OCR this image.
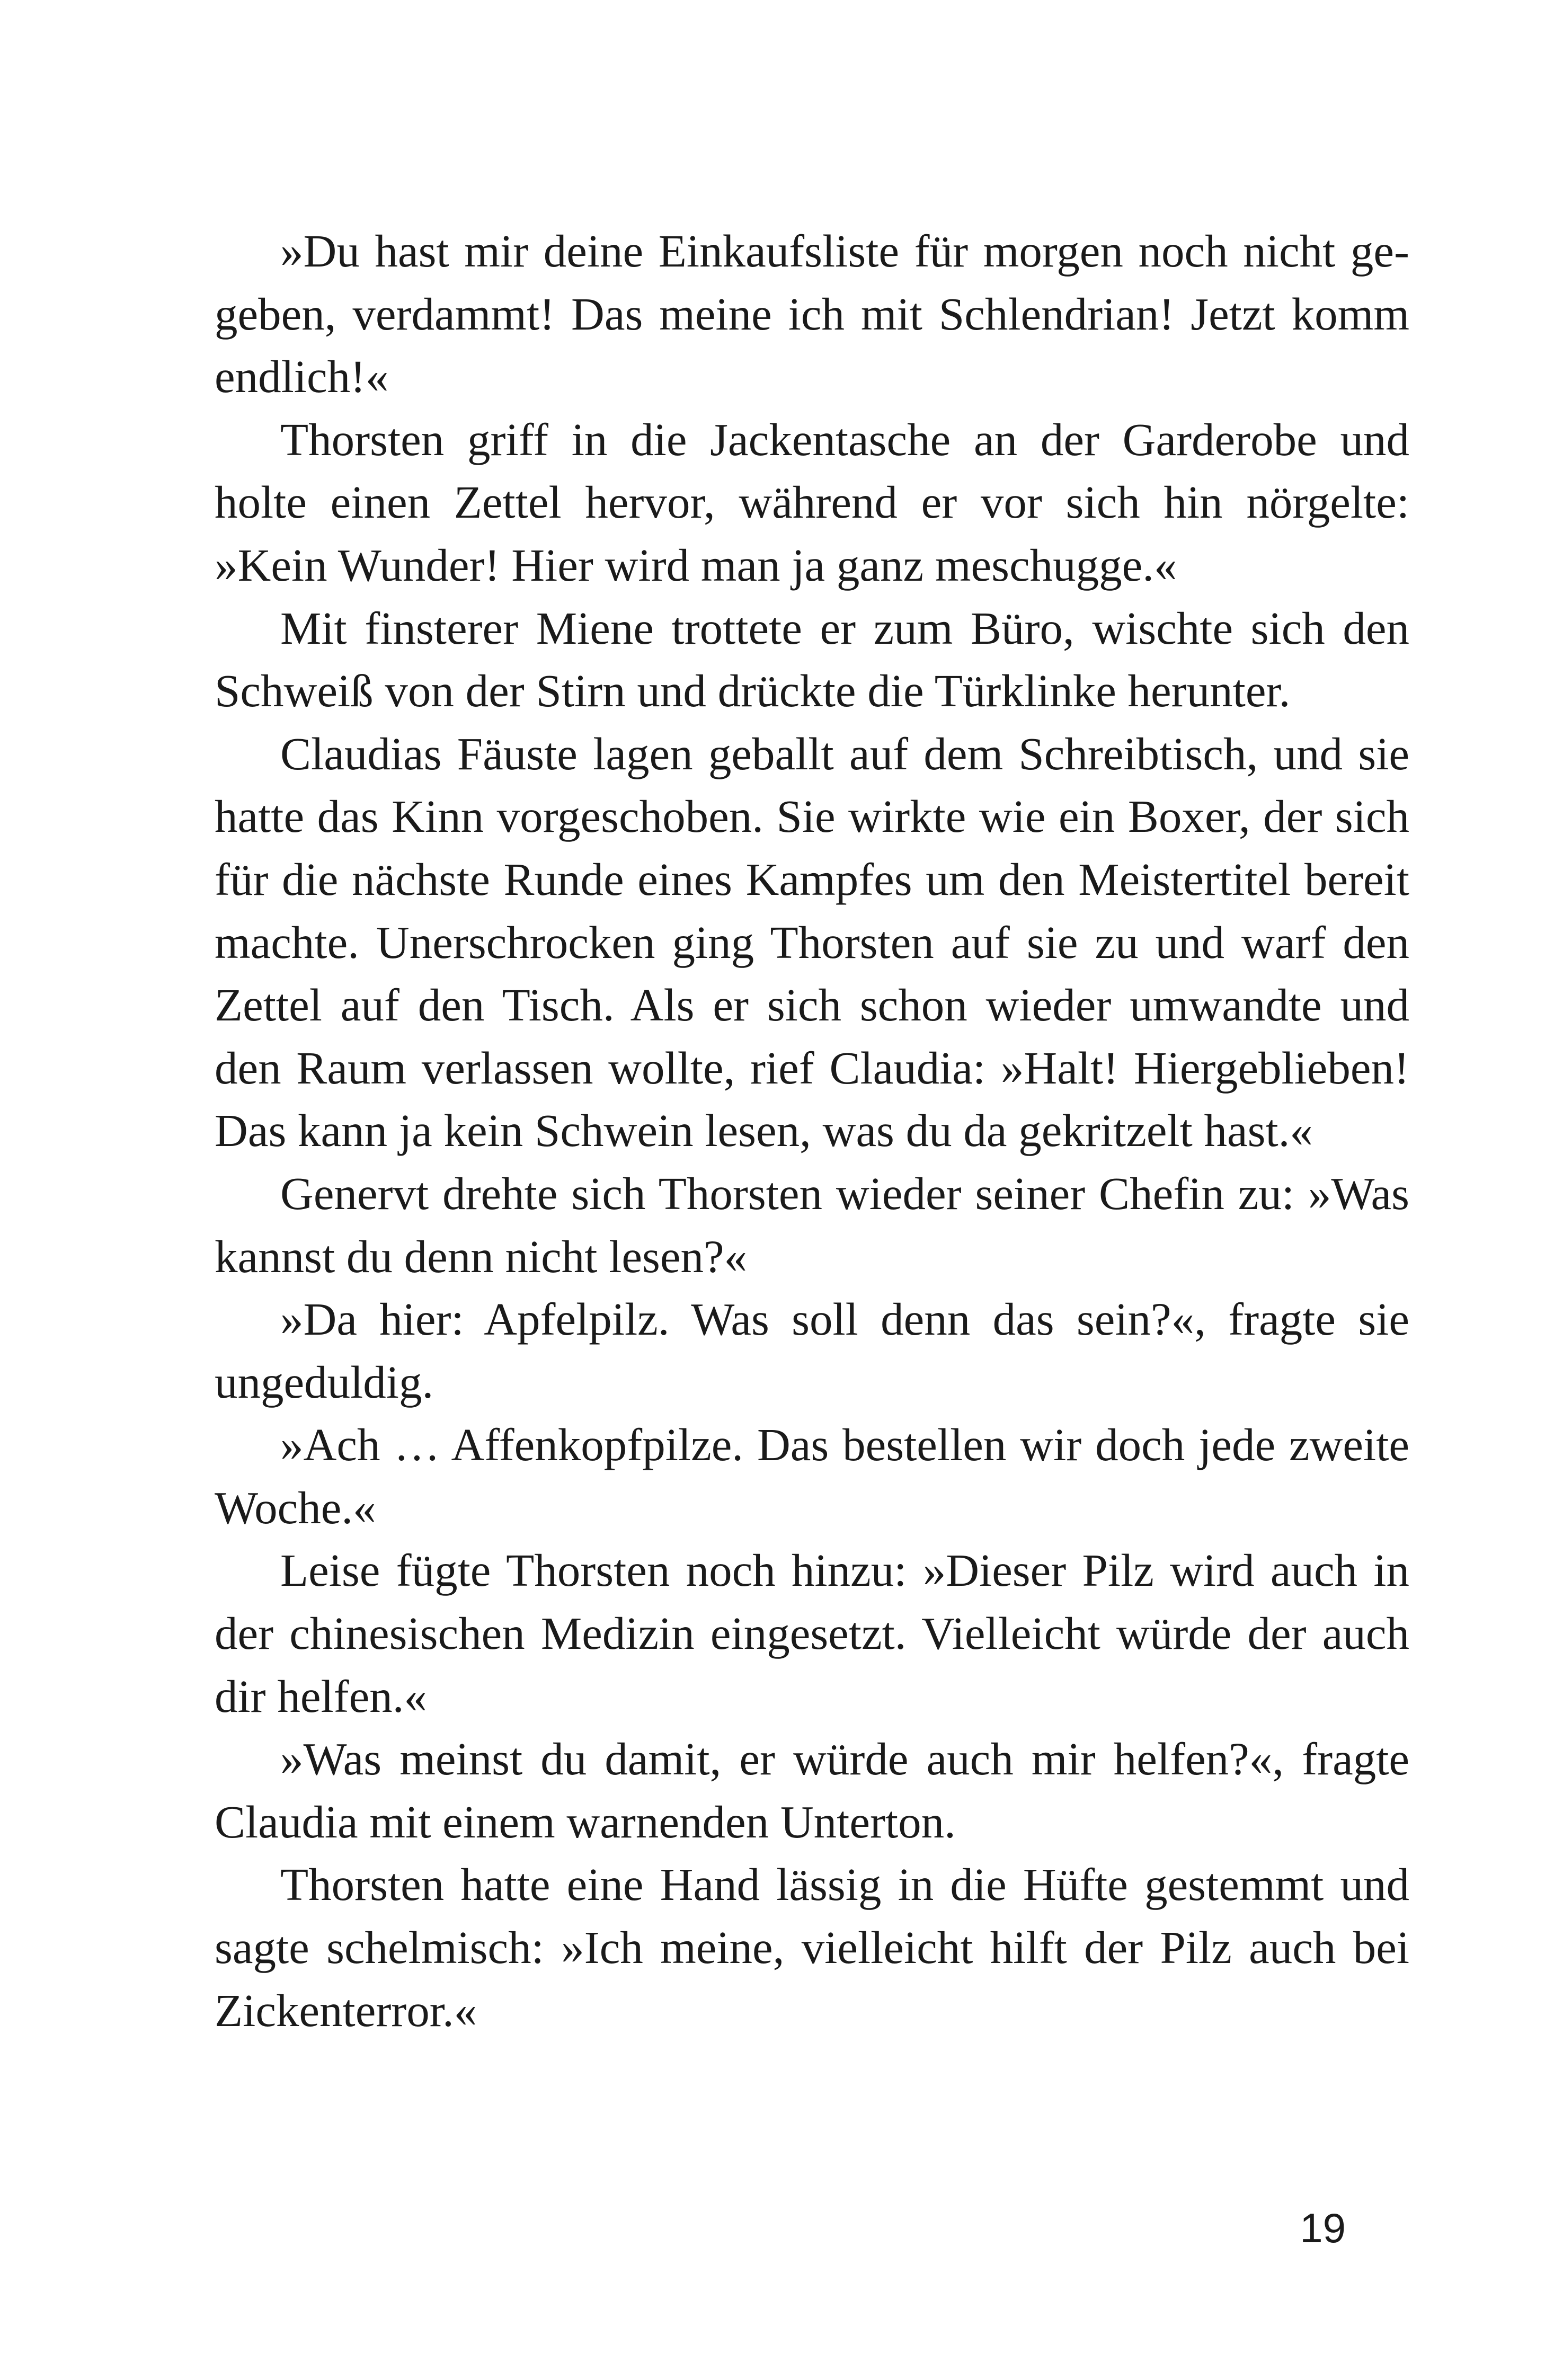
»Du hast mir deine Einkaufsliste für morgen noch nicht gegeben, verdammt! Das meine ich mit Schlendrian! Jetzt komm endlich!«

Thorsten griff in die Jackentasche an der Garderobe und holte einen Zettel hervor, während er vor sich hin nörgelte: »Kein Wunder! Hier wird man ja ganz meschugge.«

Mit finsterer Miene trottete er zum Büro, wischte sich den Schweiß von der Stirn und drückte die Türklinke herunter.

Claudias Fäuste lagen geballt auf dem Schreibtisch, und sie hatte das Kinn vorgeschoben. Sie wirkte wie ein Boxer, der sich für die nächste Runde eines Kampfes um den Meistertitel bereit machte. Unerschrocken ging Thorsten auf sie zu und warf den Zettel auf den Tisch. Als er sich schon wieder umwandte und den Raum verlassen wollte, rief Claudia: »Halt! Hiergeblieben! Das kann ja kein Schwein lesen, was du da gekritzelt hast.«

Genervt drehte sich Thorsten wieder seiner Chefin zu: »Was kannst du denn nicht lesen?«

»Da hier: Apfelpilz. Was soll denn das sein?«, fragte sie ungeduldig.

»Ach … Affenkopfpilze. Das bestellen wir doch jede zweite Woche.«

Leise fügte Thorsten noch hinzu: »Dieser Pilz wird auch in der chinesischen Medizin eingesetzt. Vielleicht würde der auch dir helfen.«

»Was meinst du damit, er würde auch mir helfen?«, fragte Claudia mit einem warnenden Unterton.

Thorsten hatte eine Hand lässig in die Hüfte gestemmt und sagte schelmisch: »Ich meine, vielleicht hilft der Pilz auch bei Zickenterror.«

19
